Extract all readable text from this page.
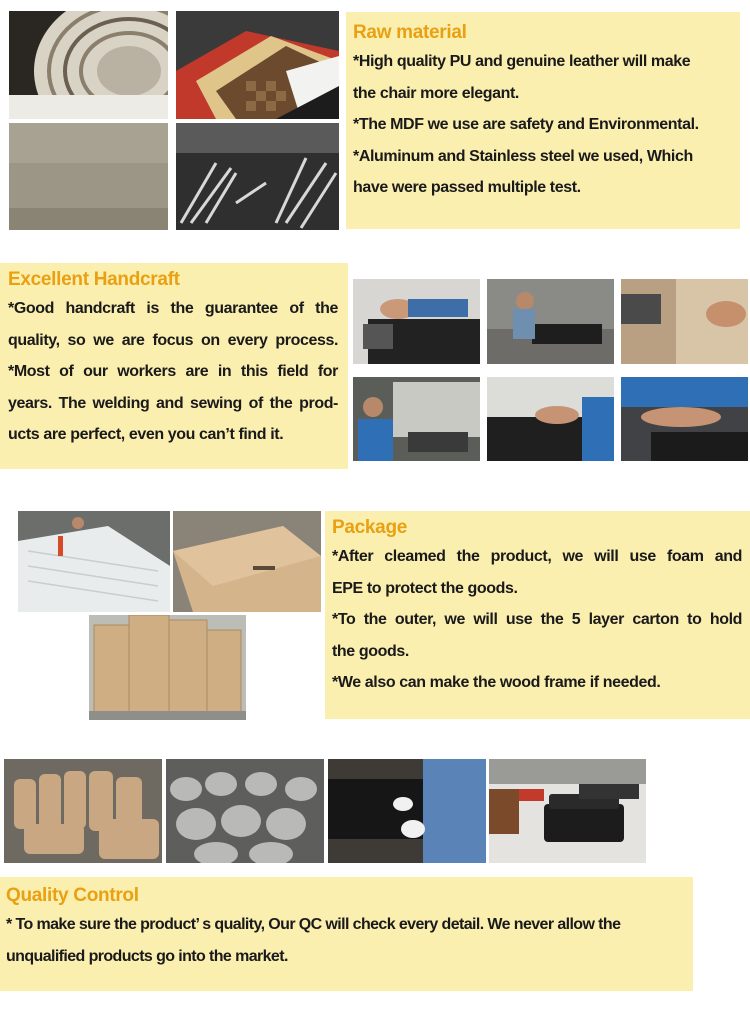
Raw material

*High quality PU and genuine leather will make

the chair more elegant.

*The MDF we use are safety and Environmental.

*Aluminum and Stainless steel we used, Which

have were passed multiple test.

Excellent Handcraft

*Good handcraft is the guarantee of the

quality, so we are focus on every process.

*Most of our workers are in this field for

years. The welding and sewing of the prod-

ucts are perfect, even you can’t find it.

Package

*After cleamed the product, we will use foam and

EPE to protect the goods.

*To the outer, we will use the 5 layer carton to hold

the goods.

*We also can make the wood frame if needed.

Quality Control

* To make sure the product’ s quality, Our QC will check every detail. We never allow the

unqualified products go into the market.
